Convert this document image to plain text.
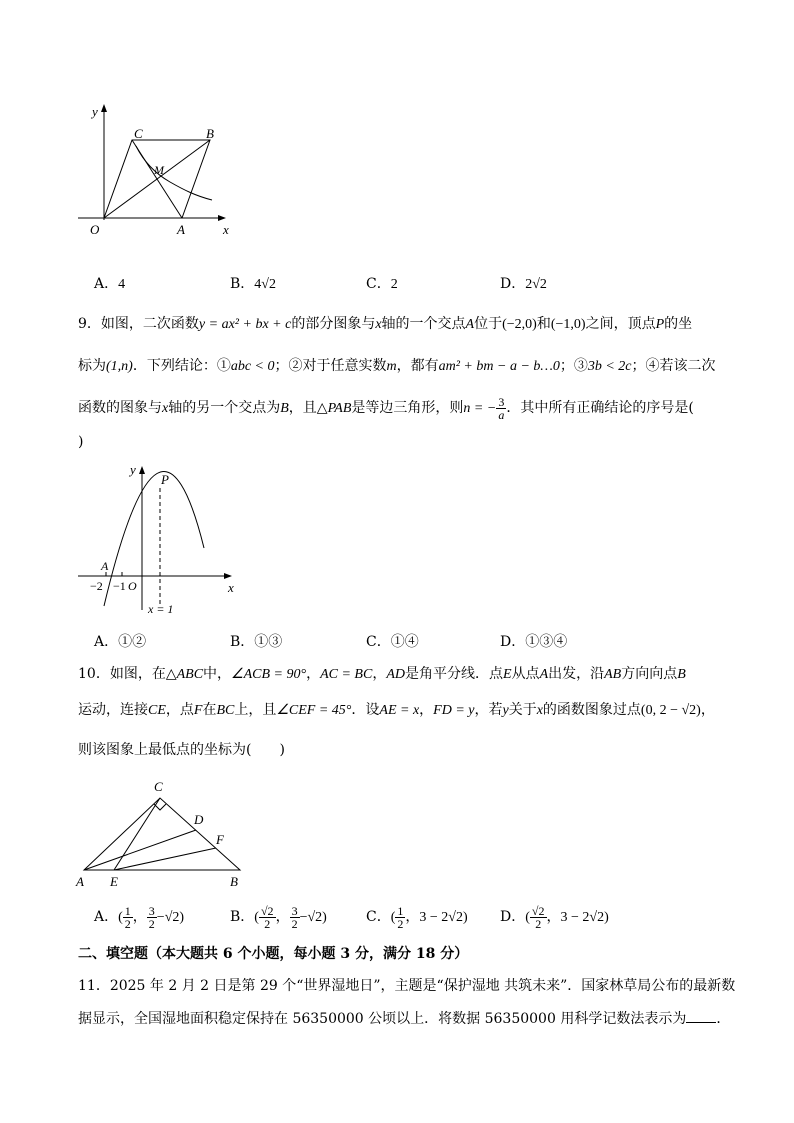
y
x
O	A
B
C
M
A．4	B．4√2	C．2	D．2√2
9．如图，二次函数y = ax² + bx + c的部分图象与x轴的一个交点A位于(−2,0)和(−1,0)之间，顶点P的坐
标为(1,n)．下列结论：①abc < 0；②对于任意实数m，都有am² + bm − a − b…0；③3b < 2c；④若该二次
函数的图象与x轴的另一个交点为B，且△PAB是等边三角形，则n = − $\frac{3}{a}$ ．其中所有正确结论的序号是(
)
y
x
P
A
−2 −1 O
x = 1
A．①②	B．①③	C．①④	D．①③④
10．如图，在△ABC中，∠ACB = 90°，AC = BC，AD是角平分线．点E从点A出发，沿AB方向向点B
运动，连接CE，点F在BC上，且∠CEF = 45°．设AE = x，FD = y，若y关于x的函数图象过点(0, 2 − √2)，
则该图象上最低点的坐标为(　　)
C
D
F
A E	B
A．( $\frac{1}{2}$ ， $\frac{3}{2} -√2$)	B．( $\frac{√2}{2}$ ， $\frac{3}{2} -√2$)	C．( $\frac{1}{2}$ ，3 − 2√2) D．( $\frac{√2}{2}$ ，3 − 2√2)
二、填空题（本大题共 6 个小题，每小题 3 分，满分 18 分）
11．2025 年 2 月 2 日是第 29 个“世界湿地日”，主题是“保护湿地 共筑未来”．国家林草局公布的最新数
据显示，全国湿地面积稳定保持在 56350000 公顷以上．将数据 56350000 用科学记数法表示为 ．
